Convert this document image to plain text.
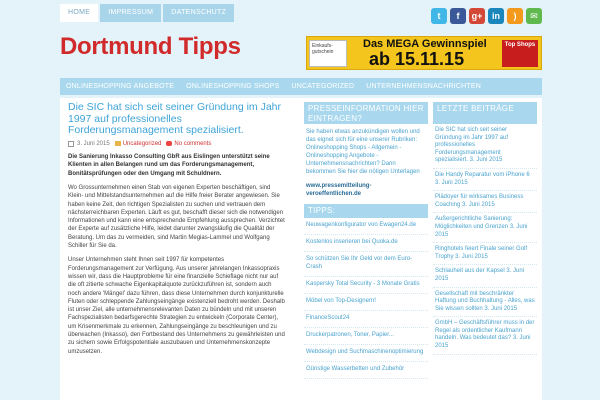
HOME	IMPRESSUM	DATENSCHUTZ	t	f	g+	in	)	✉
Dortmund Tipps	Einkaufs- gutschein
Das MEGA Gewinnspiel
ab 15.11.15
Top Shops
ONLINESHOPPING ANGEBOTE	ONLINESHOPPING SHOPS	UNCATEGORIZED	UNTERNEHMENSNACHRICHTEN
Die SIC hat sich seit seiner Gründung im Jahr 1997 auf professionelles Forderungsmanagement spezialisiert.
3. Juni 2015 Uncategorized No comments

Die Sanierung Inkasso Consulting GbR aus Eislingen unterstützt seine Klienten in allen Belangen rund um das Forderungsmanagement, Bonitätsprüfungen oder den Umgang mit Schuldnern.

Wo Grossunternehmen einen Stab von eigenen Experten beschäftigen, sind Klein- und Mittelstandsunternehmen auf die Hilfe freier Berater angewiesen. Sie haben keine Zeit, den richtigen Spezialisten zu suchen und vertrauen dem nächsterreichbaren Experten. Läuft es gut, beschafft dieser sich die notwendigen Informationen und kann eine entsprechende Empfehlung aussprechen. Verzichtet der Experte auf zusätzliche Hilfe, leidet darunter zwangsläufig die Qualität der Beratung. Um das zu vermeiden, sind Martin Megias-Lammel und Wolfgang Schiller für Sie da.

Unser Unternehmen steht Ihnen seit 1997 für kompetentes Forderungsmanagement zur Verfügung. Aus unserer jahrelangen Inkassopraxis wissen wir, dass die Hauptprobleme für eine finanzielle Schieflage nicht nur auf die oft zitierte schwache Eigenkapitalquote zurückzuführen ist, sondern auch noch andere 'Mängel' dazu führen, dass diese Unternehmen durch konjunkturelle Fluten oder schleppende Zahlungseingänge existenziell bedroht werden. Deshalb ist unser Ziel, alle unternehmensrelevanten Daten zu bündeln und mit unseren Fachspezialisten bedarfsgerechte Strategien zu entwickeln (Corporate Center), um Krisenmerkmale zu erkennen, Zahlungseingänge zu beschleunigen und zu überwachen (Inkasso), den Fortbestand des Unternehmens zu gewährleisten und zu sichern sowie Erfolgspotentiale auszubauen und Unternehmenskonzepte umzusetzen.

PRESSEINFORMATION HIER EINTRAGEN?
Sie haben etwas anzukündigen wollen und das eignet sich für eine unserer Rubriken: Onlineshopping Shops - Allgemein - Onlineshopping Angebote - Unternehmensnachrichten? Dann bekommen Sie hier die nötigen Unterlagen
www.pressemitteilung-veroeffentlichen.de
TIPPS:
Neuwagenkonfigurator von Ewagen24.de
Kostenlos inserieren bei Quoka.de
So schützen Sie Ihr Geld vor dem Euro-Crash
Kaspersky Total Security - 3 Monate Gratis
Möbel von Top-Designern!
FinanceScout24
Druckerpatronen, Toner, Papier...
Webdesign und Suchmaschinenoptimierung
Günstige Wasserbetten und Zubehör
LETZTE BEITRÄGE
Die SIC hat sich seit seiner Gründung im Jahr 1997 auf professionelles Forderungsmanagement spezialisiert. 3. Juni 2015
Die Handy Reparatur vom iPhone 6 3. Juni 2015
Plädoyer für wirksames Business Coaching 3. Juni 2015
Außergerichtliche Sanierung: Möglichkeiten und Grenzen 3. Juni 2015
Ringhotels feiert Finale seiner Golf Trophy 3. Juni 2015
Schlauheit aus der Kapsel 3. Juni 2015
Gesellschaft mit beschränkter Haftung und Buchhaltung - Alles, was Sie wissen sollten 3. Juni 2015
GmbH – Geschäftsführer muss in der Regel als ordentlicher Kaufmann handeln. Was bedeutet das? 3. Juni 2015
